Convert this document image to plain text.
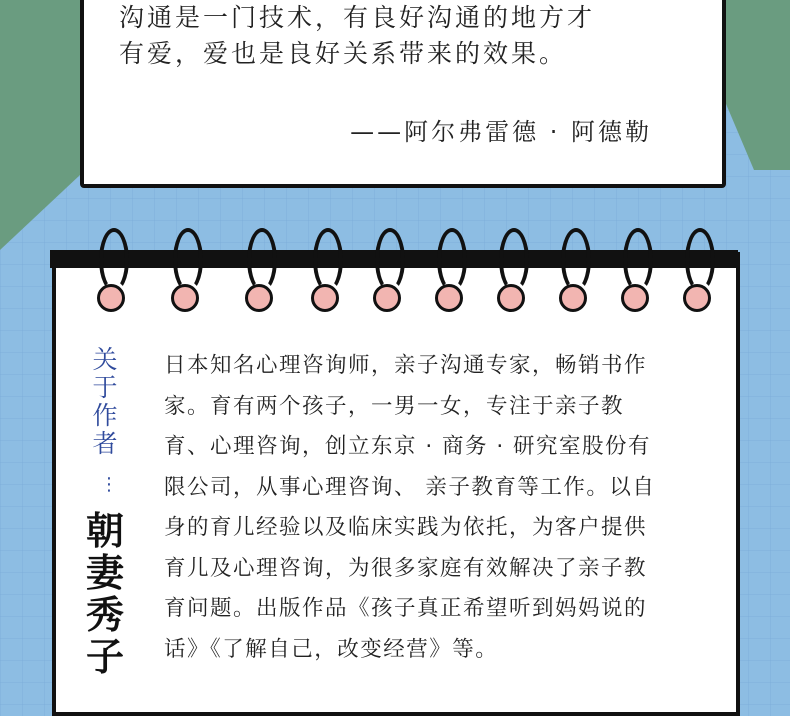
沟通是一门技术，有良好沟通的地方才
有爱，爱也是良好关系带来的效果。
——阿尔弗雷德 · 阿德勒
关
于
作
者
⋮
朝
妻
秀
子
日本知名心理咨询师，亲子沟通专家，畅销书作
家。育有两个孩子，一男一女，专注于亲子教
育、心理咨询，创立东京 · 商务 · 研究室股份有
限公司，从事心理咨询、 亲子教育等工作。以自
身的育儿经验以及临床实践为依托，为客户提供
育儿及心理咨询，为很多家庭有效解决了亲子教
育问题。出版作品《孩子真正希望听到妈妈说的
话》《了解自己，改变经营》等。
